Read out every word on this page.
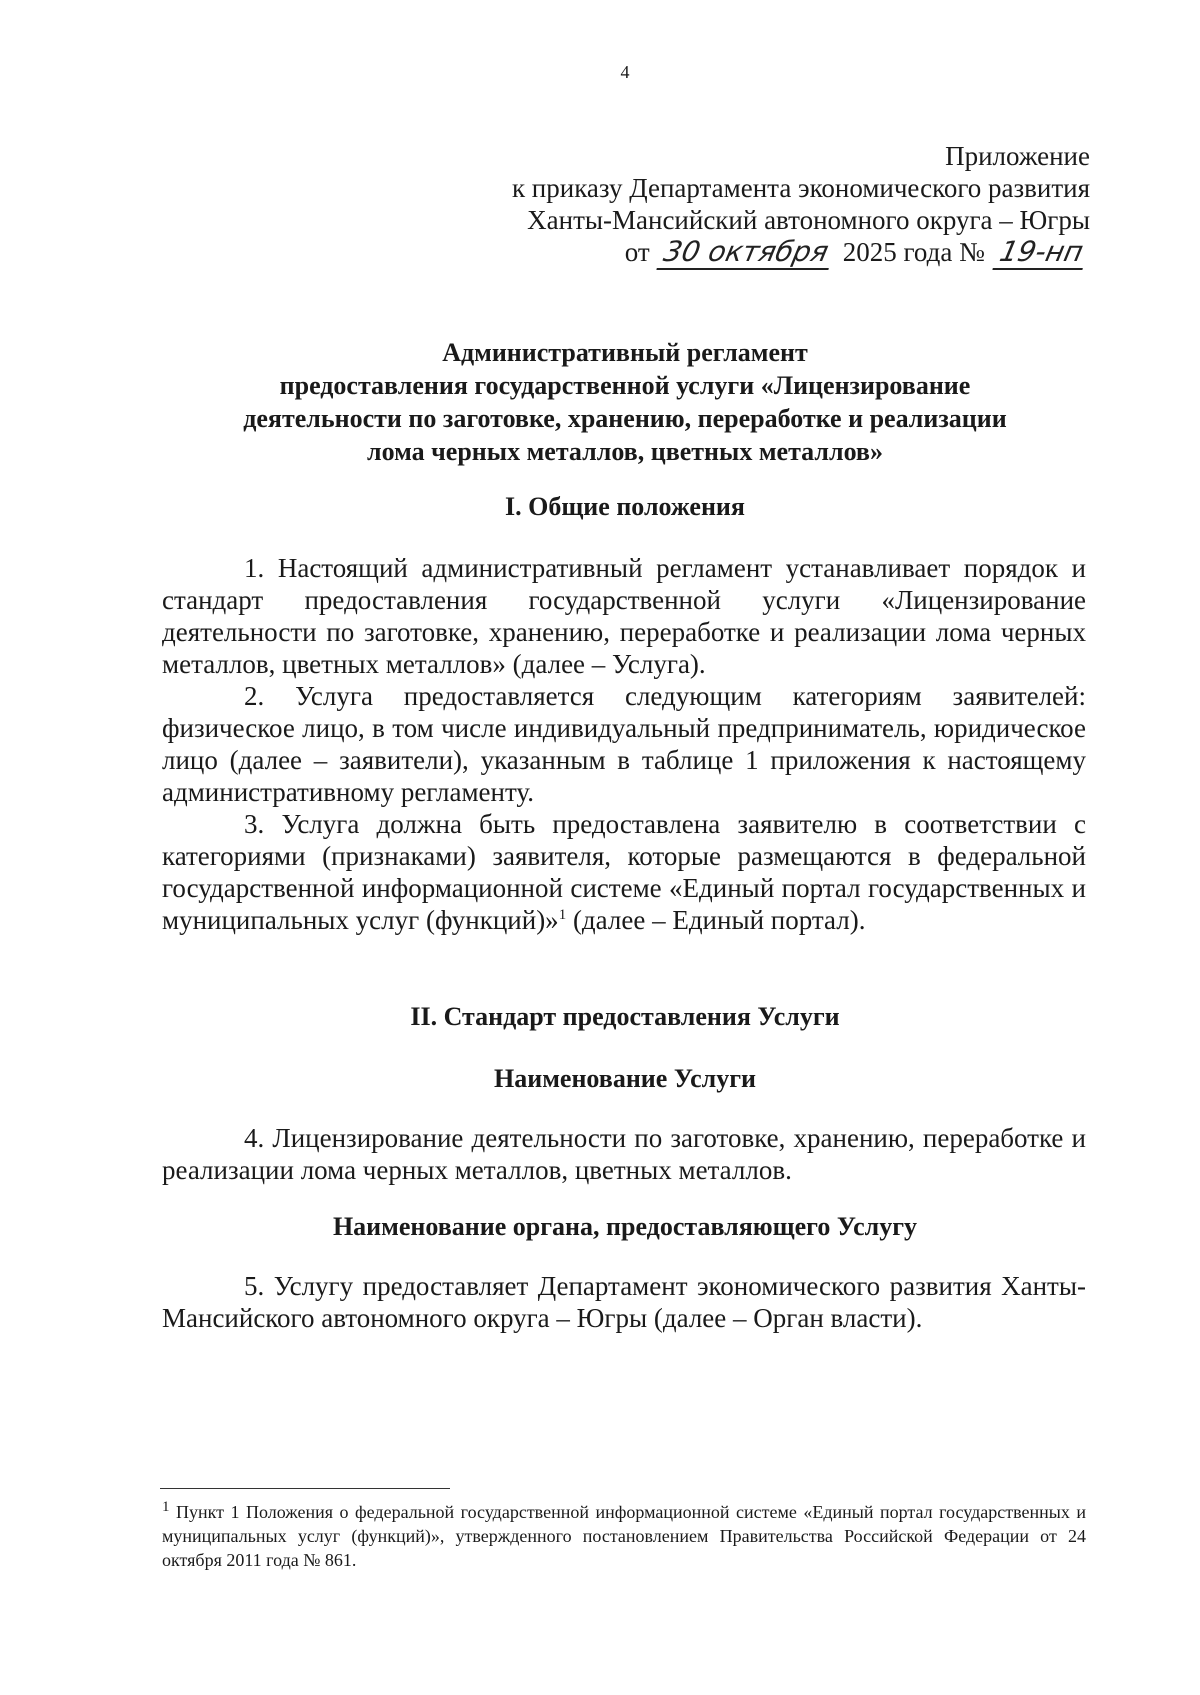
4
Приложение
к приказу Департамента экономического развития
Ханты-Мансийский автономного округа – Югры
от 30 октября 2025 года № 19-нп
Административный регламент
предоставления государственной услуги «Лицензирование
деятельности по заготовке, хранению, переработке и реализации
лома черных металлов, цветных металлов»
I. Общие положения
1. Настоящий административный регламент устанавливает порядок и стандарт предоставления государственной услуги «Лицензирование деятельности по заготовке, хранению, переработке и реализации лома черных металлов, цветных металлов» (далее – Услуга).
2. Услуга предоставляется следующим категориям заявителей: физическое лицо, в том числе индивидуальный предприниматель, юридическое лицо (далее – заявители), указанным в таблице 1 приложения к настоящему административному регламенту.
3. Услуга должна быть предоставлена заявителю в соответствии с категориями (признаками) заявителя, которые размещаются в федеральной государственной информационной системе «Единый портал государственных и муниципальных услуг (функций)»$^1$ (далее – Единый портал).
II. Стандарт предоставления Услуги
Наименование Услуги
4. Лицензирование деятельности по заготовке, хранению, переработке и реализации лома черных металлов, цветных металлов.
Наименование органа, предоставляющего Услугу
5. Услугу предоставляет Департамент экономического развития Ханты-Мансийского автономного округа – Югры (далее – Орган власти).
$^1$ Пункт 1 Положения о федеральной государственной информационной системе «Единый портал государственных и муниципальных услуг (функций)», утвержденного постановлением Правительства Российской Федерации от 24 октября 2011 года № 861.
